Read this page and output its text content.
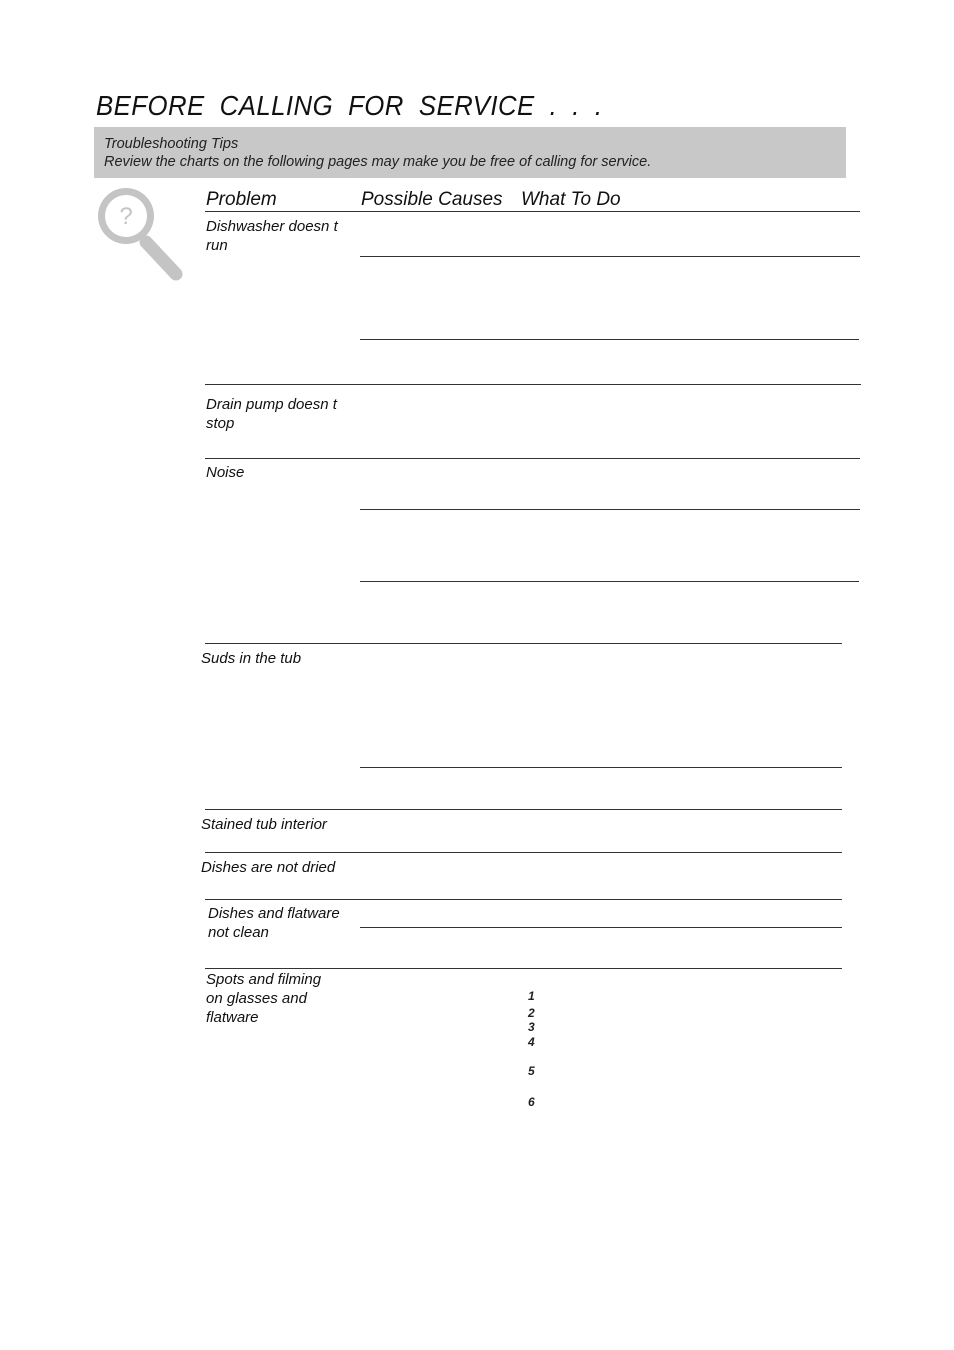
BEFORE CALLING FOR SERVICE . . .
Troubleshooting Tips
Review the charts on the following pages may make you be free of calling for service.
?
Problem	Possible Causes What To Do
Dishwasher doesn t run
Drain pump doesn t stop
Noise
Suds in the tub
Stained tub interior
Dishes are not dried
Dishes and flatware not clean
Spots and filming on glasses and flatware
1
2
3
4
5
6
